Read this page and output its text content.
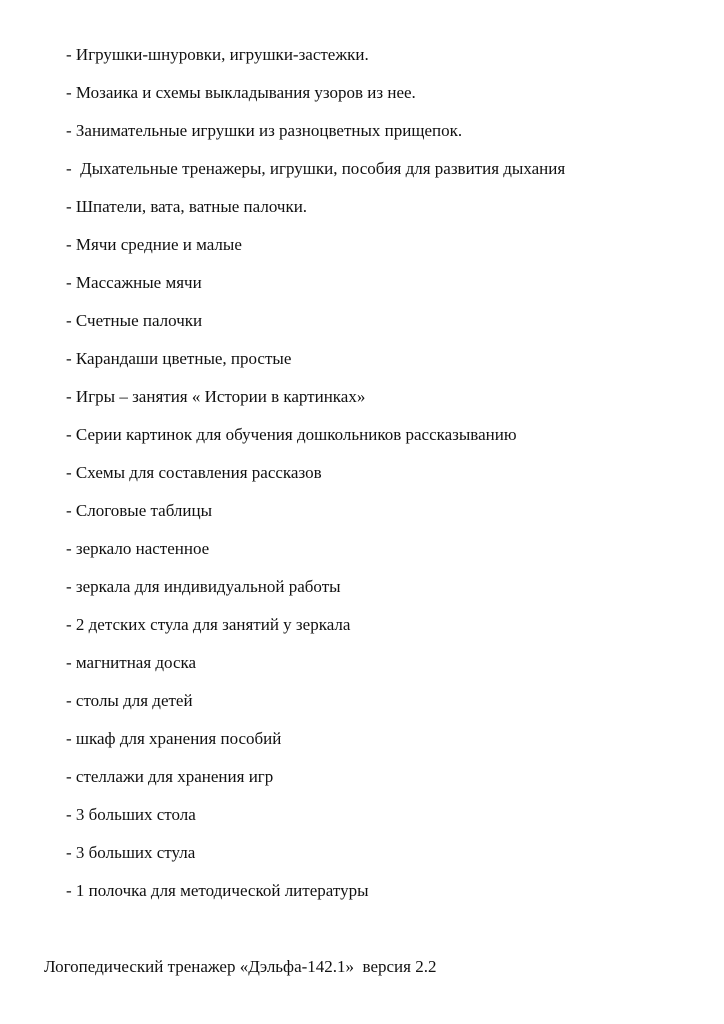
- Игрушки-шнуровки, игрушки-застежки.
- Мозаика и схемы выкладывания узоров из нее.
- Занимательные игрушки из разноцветных прищепок.
-  Дыхательные тренажеры, игрушки, пособия для развития дыхания
- Шпатели, вата, ватные палочки.
- Мячи средние и малые
- Массажные мячи
- Счетные палочки
- Карандаши цветные, простые
- Игры – занятия « Истории в картинках»
- Серии картинок для обучения дошкольников рассказыванию
- Схемы для составления рассказов
- Слоговые таблицы
- зеркало настенное
- зеркала для индивидуальной работы
- 2 детских стула для занятий у зеркала
- магнитная доска
- столы для детей
- шкаф для хранения пособий
- стеллажи для хранения игр
- 3 больших стола
- 3 больших стула
- 1 полочка для методической литературы
Логопедический тренажер «Дэльфа-142.1»  версия 2.2
